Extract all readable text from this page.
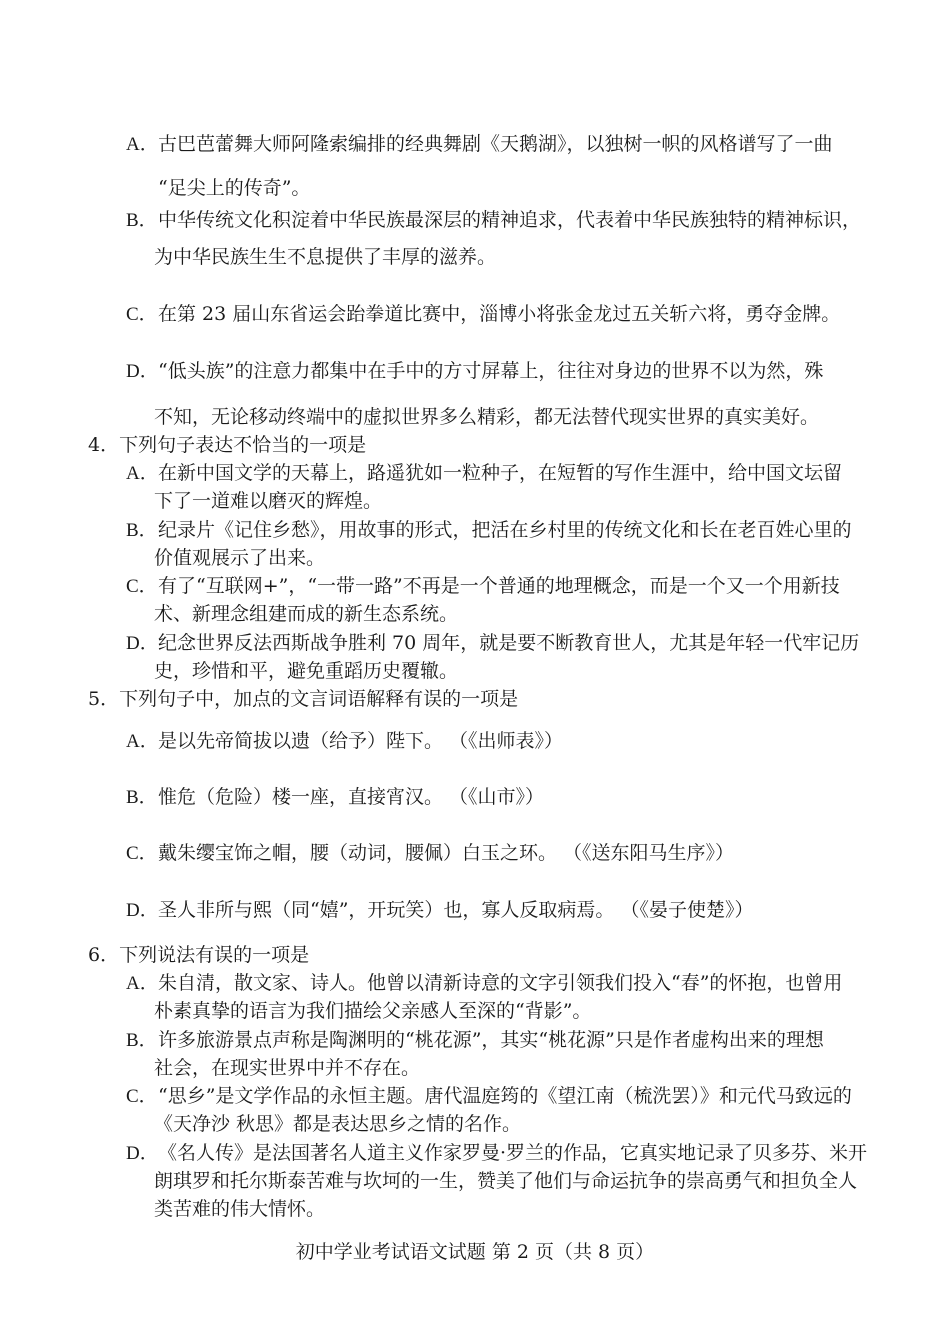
A．古巴芭蕾舞大师阿隆索编排的经典舞剧《天鹅湖》，以独树一帜的风格谱写了一曲
“足尖上的传奇”。
B．中华传统文化积淀着中华民族最深层的精神追求，代表着中华民族独特的精神标识，
为中华民族生生不息提供了丰厚的滋养。
C．在第 23 届山东省运会跆拳道比赛中，淄博小将张金龙过五关斩六将，勇夺金牌。
D．“低头族”的注意力都集中在手中的方寸屏幕上，往往对身边的世界不以为然，殊
不知，无论移动终端中的虚拟世界多么精彩，都无法替代现实世界的真实美好。
4．下列句子表达不恰当的一项是
A．在新中国文学的天幕上，路遥犹如一粒种子，在短暂的写作生涯中，给中国文坛留
下了一道难以磨灭的辉煌。
B．纪录片《记住乡愁》，用故事的形式，把活在乡村里的传统文化和长在老百姓心里的
价值观展示了出来。
C．有了“互联网+”，“一带一路”不再是一个普通的地理概念，而是一个又一个用新技
术、新理念组建而成的新生态系统。
D．纪念世界反法西斯战争胜利 70 周年，就是要不断教育世人，尤其是年轻一代牢记历
史，珍惜和平，避免重蹈历史覆辙。
5．下列句子中，加点的文言词语解释有误的一项是
A．是以先帝简拔以遗（给予）陛下。 （《出师表》）
B．惟危（危险）楼一座，直接宵汉。 （《山市》）
C．戴朱缨宝饰之帽，腰（动词，腰佩）白玉之环。 （《送东阳马生序》）
D．圣人非所与熙（同“嬉”，开玩笑）也，寡人反取病焉。 （《晏子使楚》）
6．下列说法有误的一项是
A．朱自清，散文家、诗人。他曾以清新诗意的文字引领我们投入“春”的怀抱，也曾用
朴素真挚的语言为我们描绘父亲感人至深的“背影”。
B．许多旅游景点声称是陶渊明的“桃花源”，其实“桃花源”只是作者虚构出来的理想
社会，在现实世界中并不存在。
C．“思乡”是文学作品的永恒主题。唐代温庭筠的《望江南（梳洗罢）》和元代马致远的
《天净沙 秋思》都是表达思乡之情的名作。
D．《名人传》是法国著名人道主义作家罗曼·罗兰的作品，它真实地记录了贝多芬、米开
朗琪罗和托尔斯泰苦难与坎坷的一生，赞美了他们与命运抗争的崇高勇气和担负全人
类苦难的伟大情怀。
初中学业考试语文试题 第 2 页（共 8 页）
